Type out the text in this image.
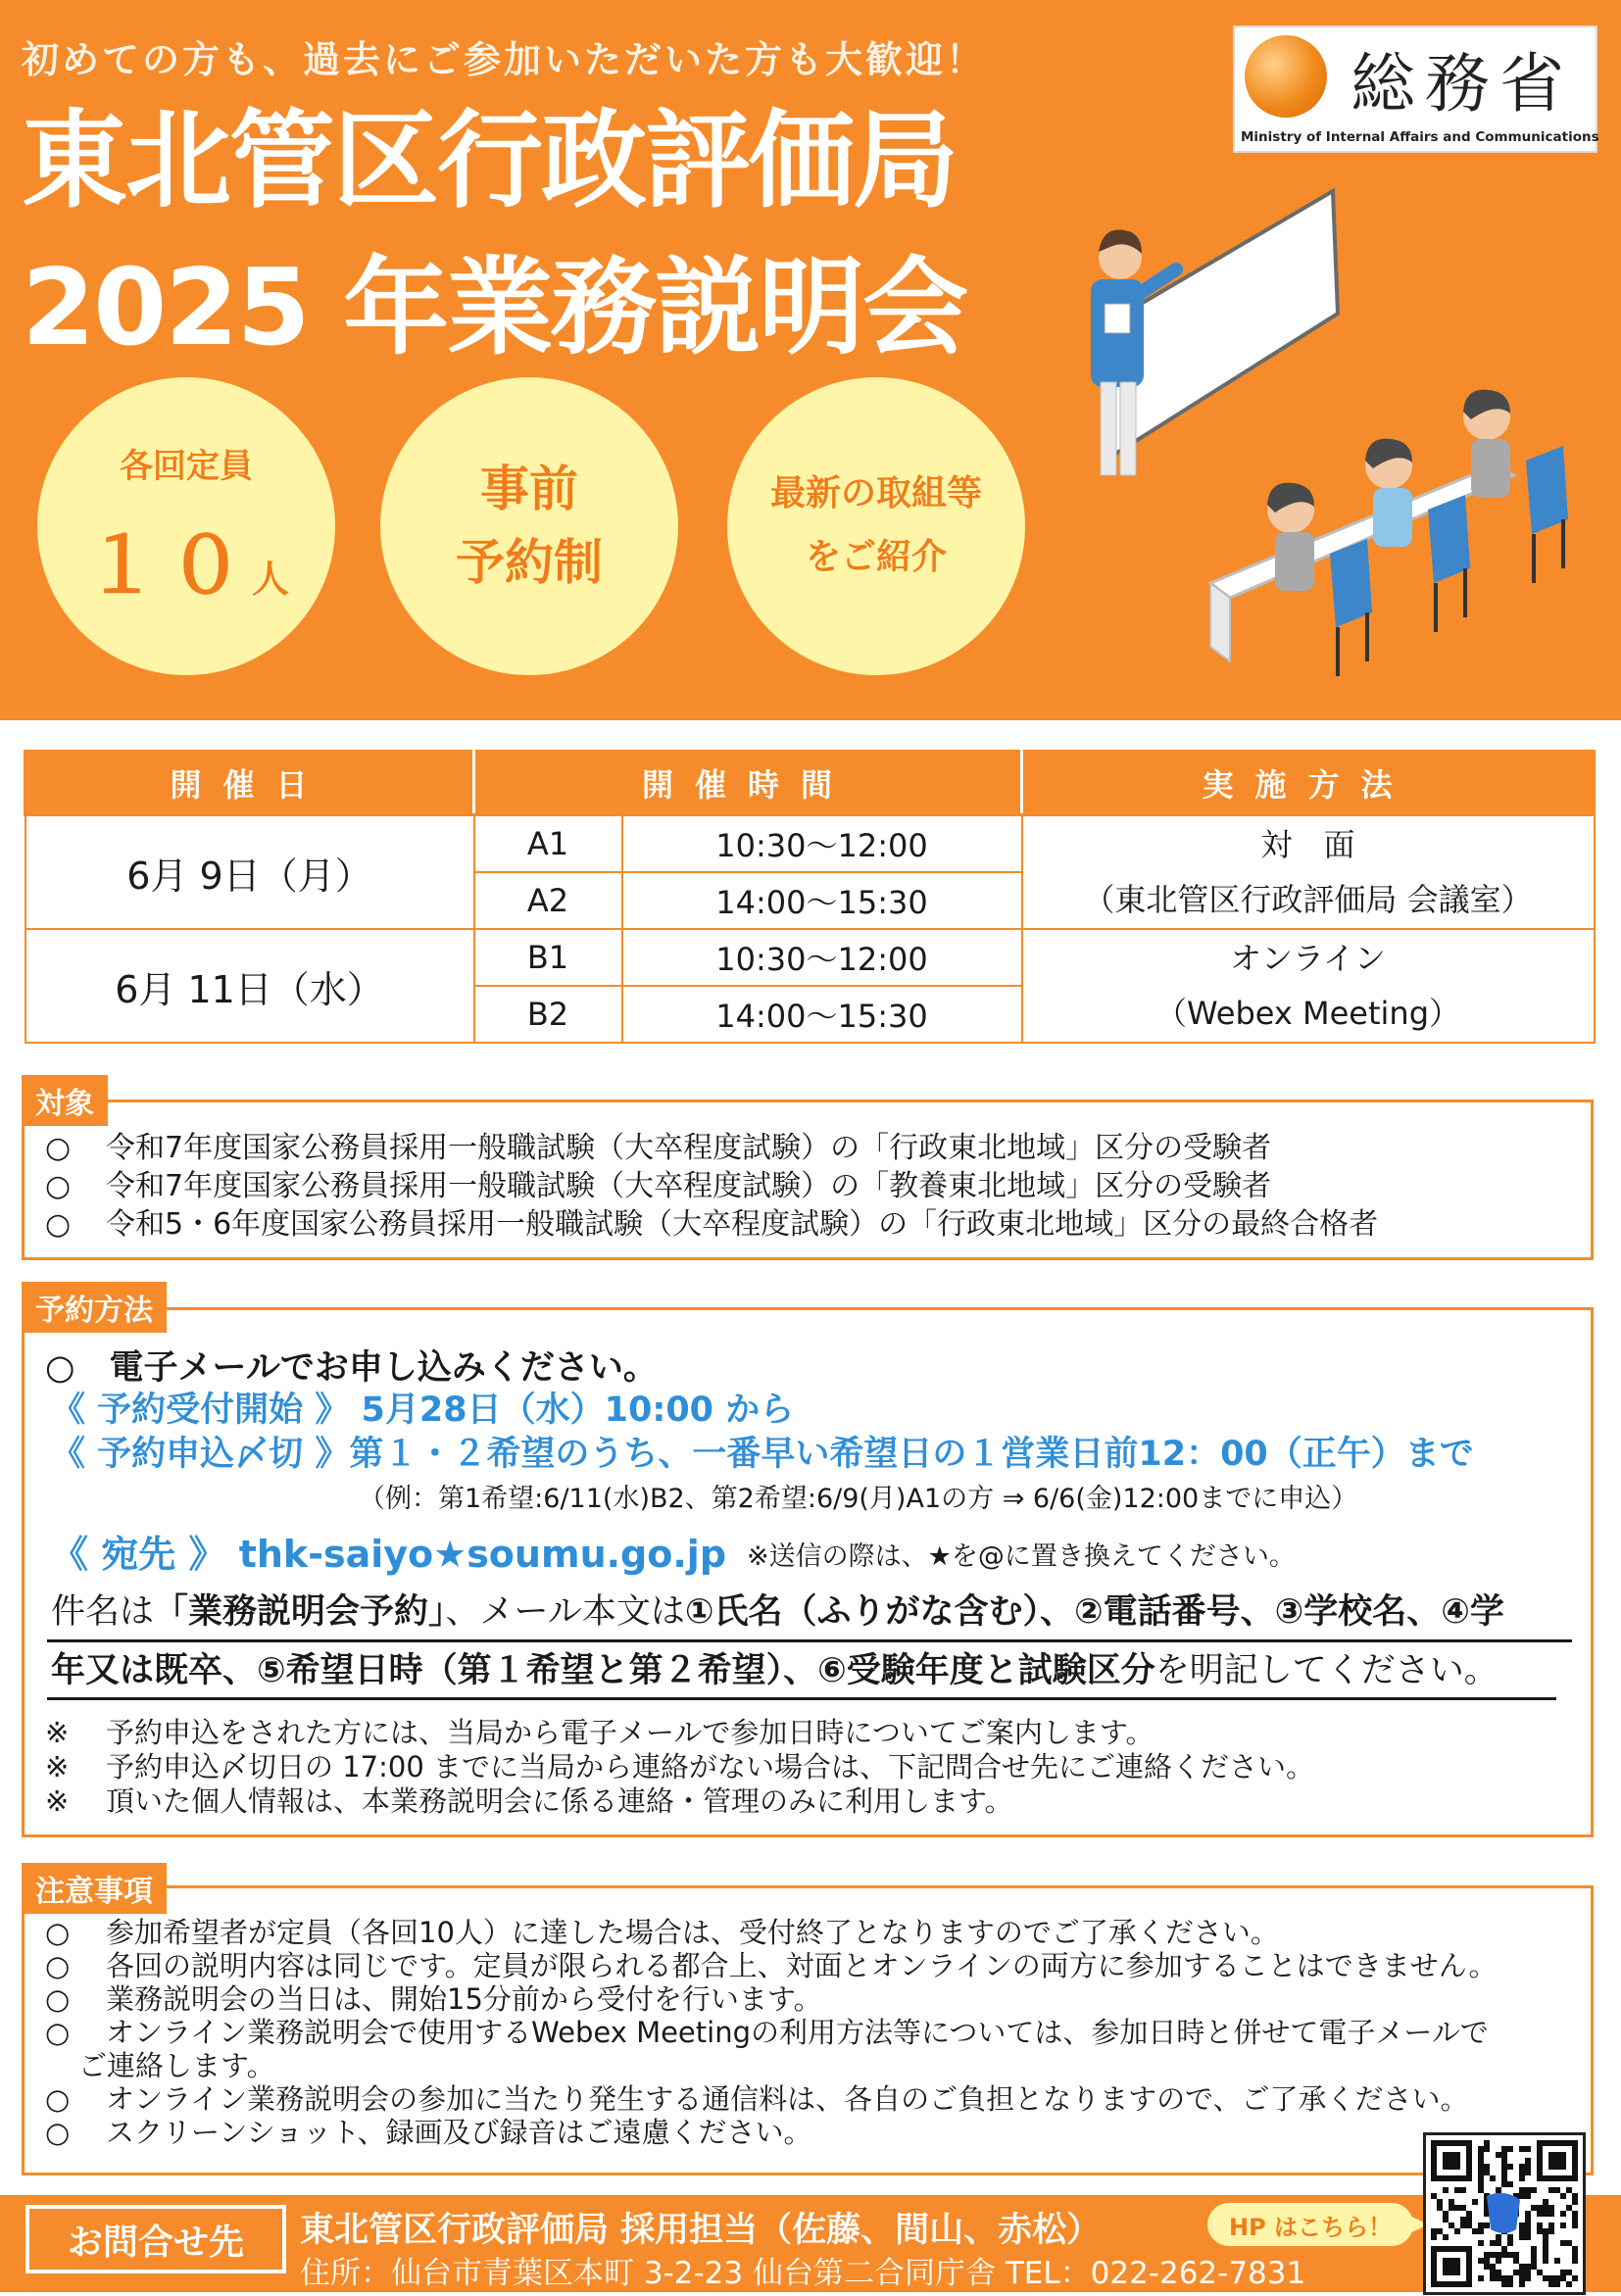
初めての方も、過去にご参加いただいた方も大歓迎！
東北管区行政評価局
2025 年業務説明会
総務省
Ministry of Internal Affairs and Communications
各回定員
１０人
事前
予約制
最新の取組等
をご紹介
開催日	開催時間		実施方法
6月 9日（月）	A1	10:30～12:00	対　面
（東北管区行政評価局 会議室）

	A2	14:00～15:30	
6月 11日（水）	B1	10:30～12:00	オンライン
（Webex Meeting）

	B2	14:00～15:30	
対象
○	令和7年度国家公務員採用一般職試験（大卒程度試験）の「行政東北地域」区分の受験者
○	令和7年度国家公務員採用一般職試験（大卒程度試験）の「教養東北地域」区分の受験者
○	令和5・6年度国家公務員採用一般職試験（大卒程度試験）の「行政東北地域」区分の最終合格者
予約方法
○　電子メールでお申し込みください。
《 予約受付開始 》 5月28日（水）10:00 から
《 予約申込〆切 》第１・２希望のうち、一番早い希望日の１営業日前12：00（正午）まで
（例：第1希望:6/11(水)B2、第2希望:6/9(月)A1の方 ⇒ 6/6(金)12:00までに申込）
《 宛先 》 thk-saiyo★soumu.go.jp ※送信の際は、★を@に置き換えてください。
件名は「業務説明会予約」、メール本文は①氏名（ふりがな含む）、②電話番号、③学校名、④学
年又は既卒、⑤希望日時（第１希望と第２希望）、⑥受験年度と試験区分を明記してください。
※	予約申込をされた方には、当局から電子メールで参加日時についてご案内します。
※	予約申込〆切日の 17:00 までに当局から連絡がない場合は、下記問合せ先にご連絡ください。
※	頂いた個人情報は、本業務説明会に係る連絡・管理のみに利用します。
注意事項
○	参加希望者が定員（各回10人）に達した場合は、受付終了となりますのでご了承ください。
○	各回の説明内容は同じです。定員が限られる都合上、対面とオンラインの両方に参加することはできません。
○	業務説明会の当日は、開始15分前から受付を行います。
○	オンライン業務説明会で使用するWebex Meetingの利用方法等については、参加日時と併せて電子メールで
ご連絡します。
○	オンライン業務説明会の参加に当たり発生する通信料は、各自のご負担となりますので、ご了承ください。
○	スクリーンショット、録画及び録音はご遠慮ください。
お問合せ先	東北管区行政評価局 採用担当（佐藤、間山、赤松）
住所：仙台市青葉区本町 3-2-23 仙台第二合同庁舎 TEL：022-262-7831
HP はこちら！
